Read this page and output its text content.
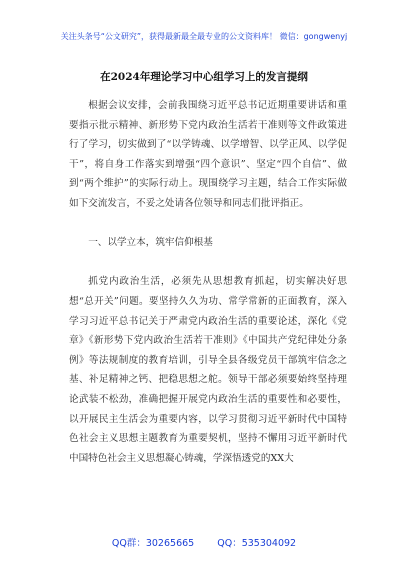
关注头条号“公文研究”，获得最新最全最专业的公文资料库！ 微信：gongwenyj
在2024年理论学习中心组学习上的发言提纲

根据会议安排，会前我围绕习近平总书记近期重要讲话和重要指示批示精神、新形势下党内政治生活若干准则等文件政策进行了学习，切实做到了“以学铸魂、以学增智、以学正风、以学促干”，将自身工作落实到增强“四个意识”、坚定“四个自信”、做到“两个维护”的实际行动上。现围绕学习主题，结合工作实际做如下交流发言，不妥之处请各位领导和同志们批评指正。

一、以学立本，筑牢信仰根基

抓党内政治生活，必须先从思想教育抓起，切实解决好思想“总开关”问题。要坚持久久为功、常学常新的正面教育，深入学习习近平总书记关于严肃党内政治生活的重要论述，深化《党章》《新形势下党内政治生活若干准则》《中国共产党纪律处分条例》等法规制度的教育培训，引导全县各级党员干部筑牢信念之基、补足精神之钙、把稳思想之舵。领导干部必须要始终坚持理论武装不松劲，准确把握开展党内政治生活的重要性和必要性，以开展民主生活会为重要内容，以学习贯彻习近平新时代中国特色社会主义思想主题教育为重要契机，坚持不懈用习近平新时代中国特色社会主义思想凝心铸魂，学深悟透党的XX大

QQ群：30265665 QQ：535304092
